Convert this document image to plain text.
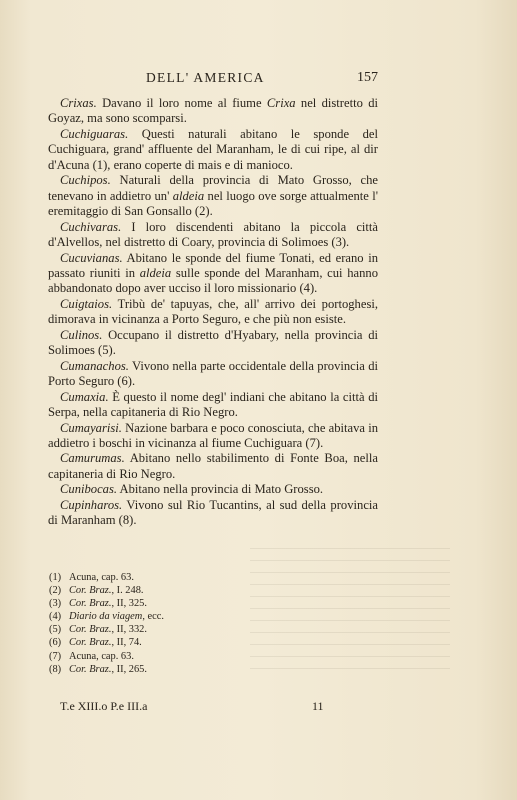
DELL' AMERICA	157

Crixas. Davano il loro nome al fiume Crixa nel distretto di Goyaz, ma sono scomparsi.

Cuchiguaras. Questi naturali abitano le sponde del Cuchiguara, grand' affluente del Maranham, le di cui ripe, al dir d'Acuna (1), erano coperte di mais e di manioco.

Cuchipos. Naturali della provincia di Mato Grosso, che tenevano in addietro un' aldeia nel luogo ove sorge attualmente l' eremitaggio di San Gonsallo (2).

Cuchivaras. I loro discendenti abitano la piccola città d'Alvellos, nel distretto di Coary, provincia di Solimoes (3).

Cucuvianas. Abitano le sponde del fiume Tonati, ed erano in passato riuniti in aldeia sulle sponde del Maranham, cui hanno abbandonato dopo aver ucciso il loro missionario (4).

Cuigtaios. Tribù de' tapuyas, che, all' arrivo dei portoghesi, dimorava in vicinanza a Porto Seguro, e che più non esiste.

Culinos. Occupano il distretto d'Hyabary, nella provincia di Solimoes (5).

Cumanachos. Vivono nella parte occidentale della provincia di Porto Seguro (6).

Cumaxia. È questo il nome degl' indiani che abitano la città di Serpa, nella capitaneria di Rio Negro.

Cumayarisi. Nazione barbara e poco conosciuta, che abitava in addietro i boschi in vicinanza al fiume Cuchiguara (7).

Camurumas. Abitano nello stabilimento di Fonte Boa, nella capitaneria di Rio Negro.

Cunibocas. Abitano nella provincia di Mato Grosso.

Cupinharos. Vivono sul Rio Tucantins, al sud della provincia di Maranham (8).

(1) Acuna, cap. 63.

(2) Cor. Braz., I. 248.

(3) Cor. Braz., II, 325.

(4) Diario da viagem, ecc.

(5) Cor. Braz., II, 332.

(6) Cor. Braz., II, 74.

(7) Acuna, cap. 63.

(8) Cor. Braz., II, 265.

T.e XIII.o P.e III.a	11
